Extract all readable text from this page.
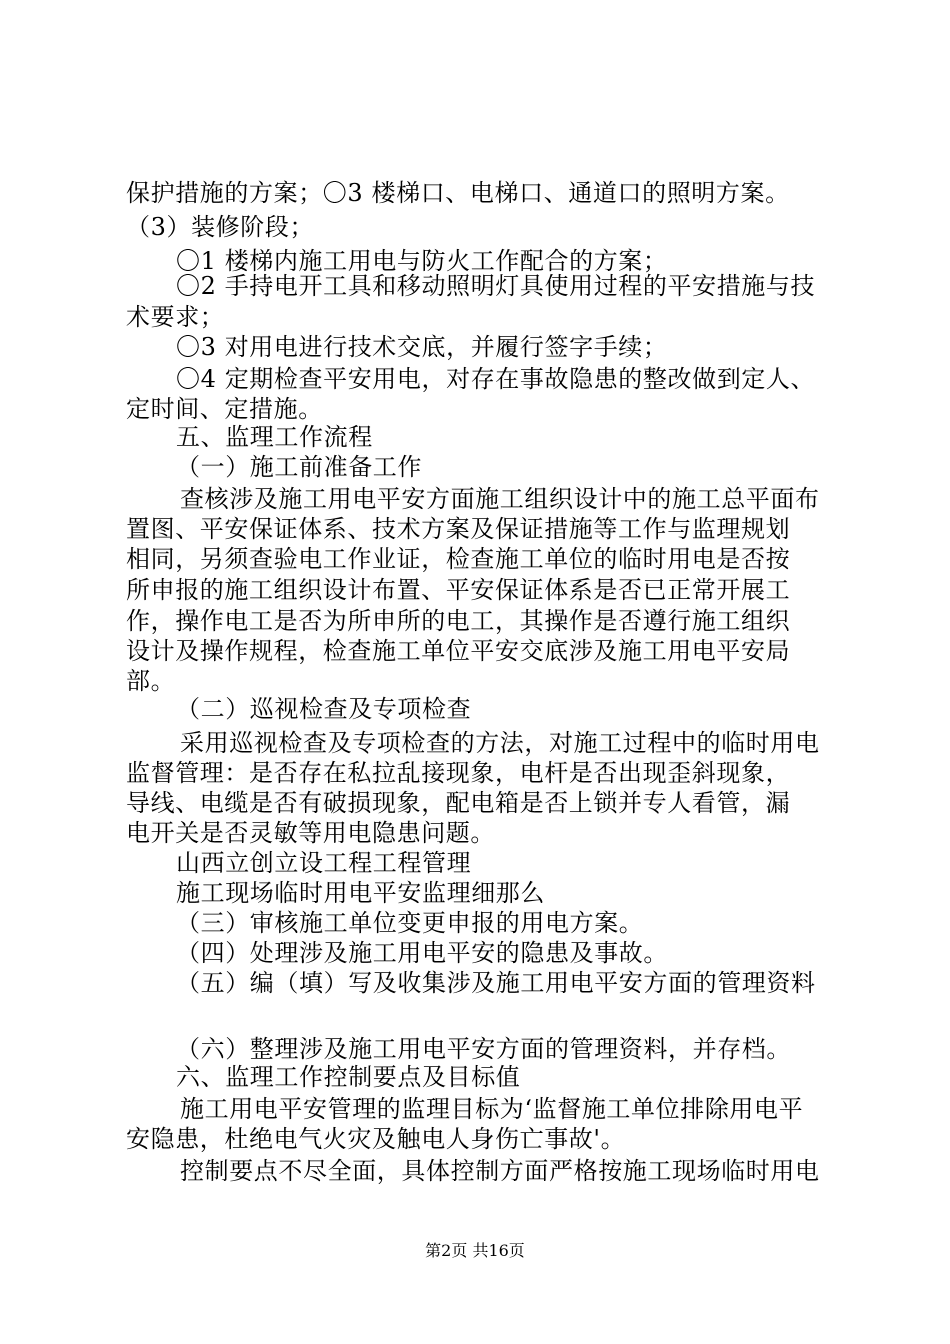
保护措施的方案；〇3 楼梯口、电梯口、通道口的照明方案。
（3）装修阶段；
〇1 楼梯内施工用电与防火工作配合的方案；
〇2 手持电开工具和移动照明灯具使用过程的平安措施与技
术要求；
〇3 对用电进行技术交底，并履行签字手续；
〇4 定期检查平安用电，对存在事故隐患的整改做到定人、
定时间、定措施。
五、监理工作流程
（一）施工前准备工作
查核涉及施工用电平安方面施工组织设计中的施工总平面布
置图、平安保证体系、技术方案及保证措施等工作与监理规划
相同，另须查验电工作业证，检查施工单位的临时用电是否按
所申报的施工组织设计布置、平安保证体系是否已正常开展工
作，操作电工是否为所申所的电工，其操作是否遵行施工组织
设计及操作规程，检查施工单位平安交底涉及施工用电平安局
部。
（二）巡视检查及专项检查
采用巡视检查及专项检查的方法，对施工过程中的临时用电
监督管理：是否存在私拉乱接现象，电杆是否出现歪斜现象，
导线、电缆是否有破损现象，配电箱是否上锁并专人看管，漏
电开关是否灵敏等用电隐患问题。
山西立创立设工程工程管理
施工现场临时用电平安监理细那么
（三）审核施工单位变更申报的用电方案。
（四）处理涉及施工用电平安的隐患及事故。
（五）编（填）写及收集涉及施工用电平安方面的管理资料
（六）整理涉及施工用电平安方面的管理资料，并存档。
六、监理工作控制要点及目标值
施工用电平安管理的监理目标为‘监督施工单位排除用电平
安隐患，杜绝电气火灾及触电人身伤亡事故'。
控制要点不尽全面，具体控制方面严格按施工现场临时用电
第2页 共16页
